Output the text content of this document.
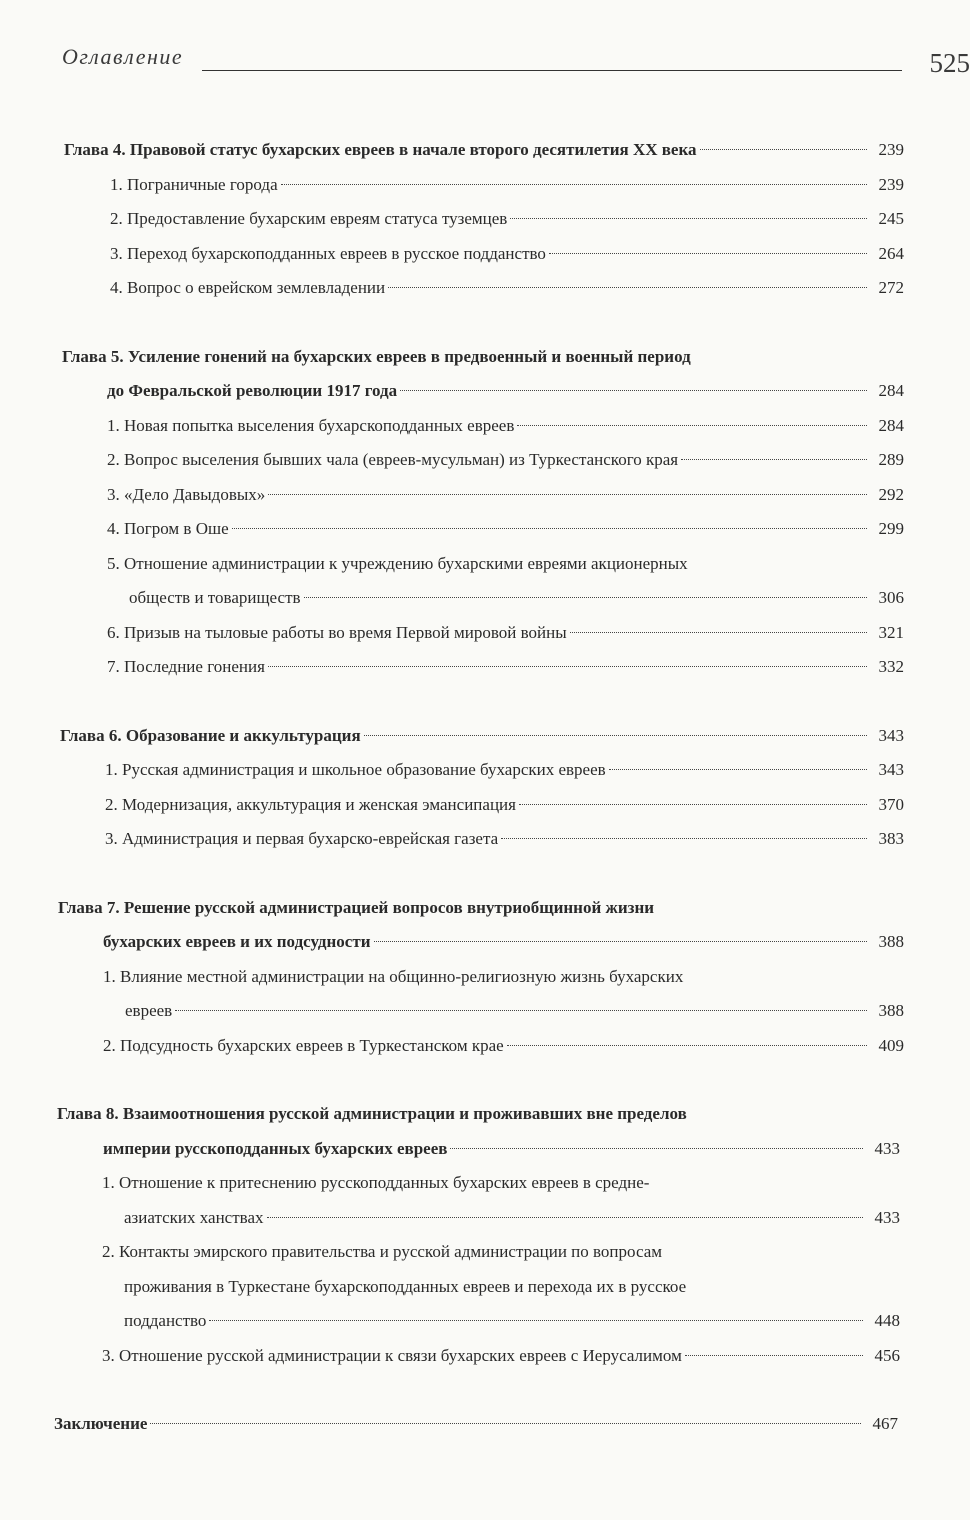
Оглавление	525
Глава 4. Правовой статус бухарских евреев в начале второго десятилетия XX века	239
1. Пограничные города	239
2. Предоставление бухарским евреям статуса туземцев	245
3. Переход бухарскоподданных евреев в русское подданство	264
4. Вопрос о еврейском землевладении	272
Глава 5. Усиление гонений на бухарских евреев в предвоенный и военный период
до Февральской революции 1917 года	284
1. Новая попытка выселения бухарскоподданных евреев	284
2. Вопрос выселения бывших чала (евреев-мусульман) из Туркестанского края	289
3. «Дело Давыдовых»	292
4. Погром в Оше	299
5. Отношение администрации к учреждению бухарскими евреями акционерных
обществ и товариществ	306
6. Призыв на тыловые работы во время Первой мировой войны	321
7. Последние гонения	332
Глава 6. Образование и аккультурация	343
1. Русская администрация и школьное образование бухарских евреев	343
2. Модернизация, аккультурация и женская эмансипация	370
3. Администрация и первая бухарско-еврейская газета	383
Глава 7. Решение русской администрацией вопросов внутриобщинной жизни
бухарских евреев и их подсудности	388
1. Влияние местной администрации на общинно-религиозную жизнь бухарских
евреев	388
2. Подсудность бухарских евреев в Туркестанском крае	409
Глава 8. Взаимоотношения русской администрации и проживавших вне пределов
империи русскоподданных бухарских евреев	433
1. Отношение к притеснению русскоподданных бухарских евреев в средне-
азиатских ханствах	433
2. Контакты эмирского правительства и русской администрации по вопросам
проживания в Туркестане бухарскоподданных евреев и перехода их в русское
подданство	448
3. Отношение русской администрации к связи бухарских евреев с Иерусалимом	456
Заключение	467
